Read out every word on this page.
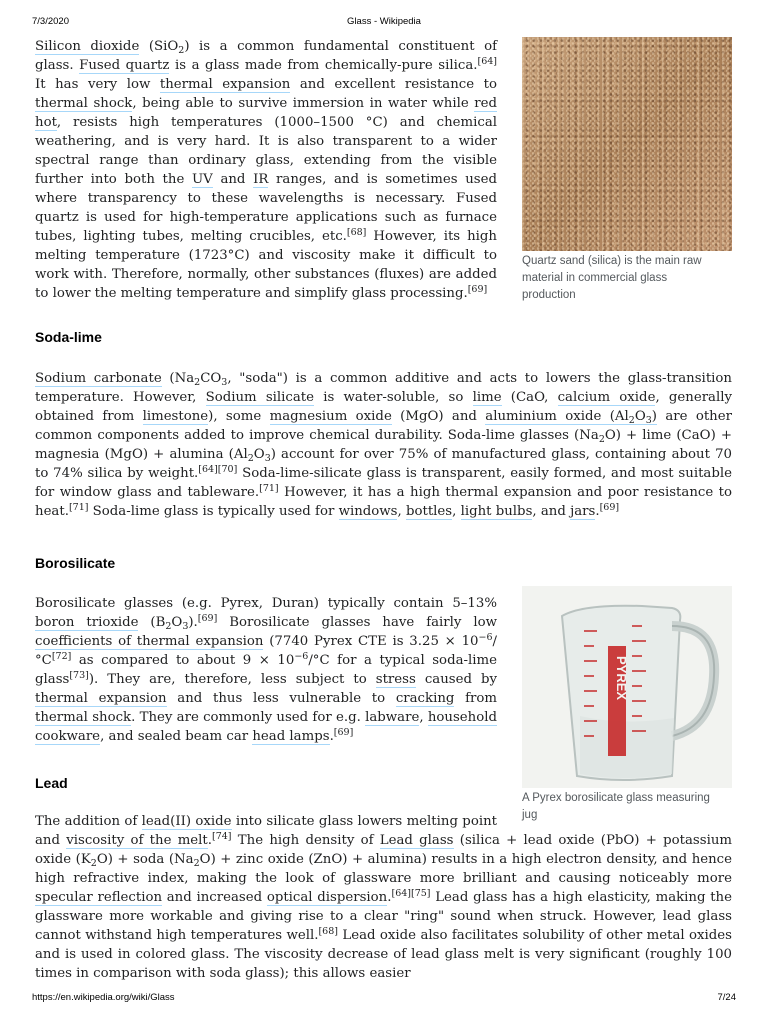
7/3/2020	Glass - Wikipedia
Quartz sand (silica) is the main raw material in commercial glass production

Silicon dioxide (SiO$_2$) is a common fundamental constituent of glass. Fused quartz is a glass made from chemically-pure silica.[64] It has very low thermal expansion and excellent resistance to thermal shock, being able to survive immersion in water while red hot, resists high temperatures (1000–1500 °C) and chemical weathering, and is very hard. It is also transparent to a wider spectral range than ordinary glass, extending from the visible further into both the UV and IR ranges, and is sometimes used where transparency to these wavelengths is necessary. Fused quartz is used for high-temperature applications such as furnace tubes, lighting tubes, melting crucibles, etc.[68] However, its high melting temperature (1723°C) and viscosity make it difficult to work with. Therefore, normally, other substances (fluxes) are added to lower the melting temperature and simplify glass processing.[69]

Soda-lime

Sodium carbonate ($Na_2CO_3$, "soda") is a common additive and acts to lowers the glass-transition temperature. However, Sodium silicate is water-soluble, so lime (CaO, calcium oxide, generally obtained from limestone), some magnesium oxide (MgO) and aluminium oxide $(Al_2O_3)$ are other common components added to improve chemical durability. Soda-lime glasses $(Na_2O) + \lim e$ (CaO) + magnesia (MgO) + alumina $(Al_2O_3)$ account for over 75% of manufactured glass, containing about 70 to 74% silica by weight.[64][70] Soda-lime-silicate glass is transparent, easily formed, and most suitable for window glass and tableware.[71] However, it has a high thermal expansion and poor resistance to heat.[71] Soda-lime glass is typically used for windows, bottles, light bulbs, and jars.[69]

Borosilicate
PYREX
A Pyrex borosilicate glass measuring jug

Borosilicate glasses (e.g. Pyrex, Duran) typically contain 5–13% boron trioxide $(B_2O_3).[69]$ Borosilicate glasses have fairly low coefficients of thermal expansion (7740 Pyrex CTE is $3.25 \times 10^{-6}/^\circ C[72]$ as compared to about $9 \times 10^{-6}/^\circ C$ for a typical soda-lime glass[73]). They are, therefore, less subject to stress caused by thermal expansion and thus less vulnerable to cracking from thermal shock. They are commonly used for e.g. labware, household cookware, and sealed beam car head lamps.[69]

Lead

The addition of lead(II) oxide into silicate glass lowers melting point and viscosity of the melt.[74] The high density of Lead glass (silica + lead oxide (PbO) + potassium oxide $(K_2O)$ + soda $(Na_2O)$ + zinc oxide (ZnO) + alumina) results in a high electron density, and hence high refractive index, making the look of glassware more brilliant and causing noticeably more specular reflection and increased optical dispersion.[64][75] Lead glass has a high elasticity, making the glassware more workable and giving rise to a clear "ring" sound when struck. However, lead glass cannot withstand high temperatures well.[68] Lead oxide also facilitates solubility of other metal oxides and is used in colored glass. The viscosity decrease of lead glass melt is very significant (roughly 100 times in comparison with soda glass); this allows easier

https://en.wikipedia.org/wiki/Glass	7/24
